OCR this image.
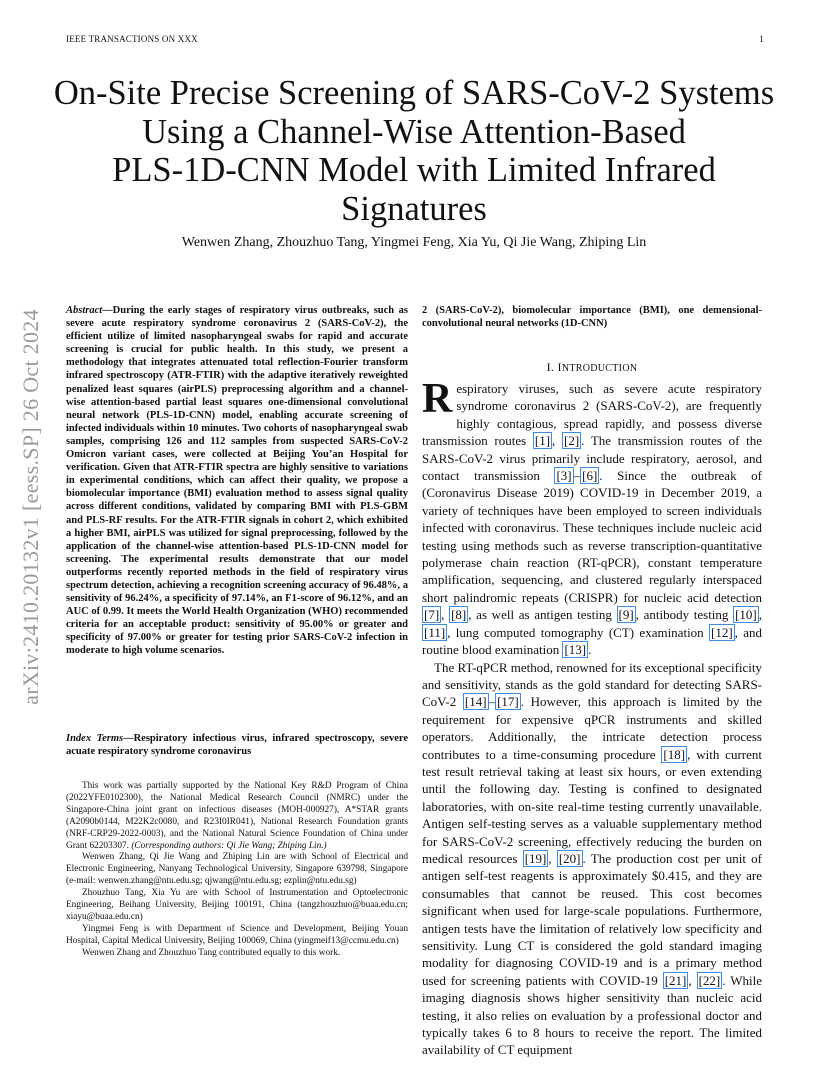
IEEE TRANSACTIONS ON XXX	1
arXiv:2410.20132v1 [eess.SP] 26 Oct 2024
On-Site Precise Screening of SARS-CoV-2 Systems
Using a Channel-Wise Attention-Based
PLS-1D-CNN Model with Limited Infrared
Signatures
Wenwen Zhang, Zhouzhuo Tang, Yingmei Feng, Xia Yu, Qi Jie Wang, Zhiping Lin
Abstract—During the early stages of respiratory virus outbreaks, such as severe acute respiratory syndrome coronavirus 2 (SARS-CoV-2), the efficient utilize of limited nasopharyngeal swabs for rapid and accurate screening is crucial for public health. In this study, we present a methodology that integrates attenuated total reflection-Fourier transform infrared spectroscopy (ATR-FTIR) with the adaptive iteratively reweighted penalized least squares (airPLS) preprocessing algorithm and a channel-wise attention-based partial least squares one-dimensional convolutional neural network (PLS-1D-CNN) model, enabling accurate screening of infected individuals within 10 minutes. Two cohorts of nasopharyngeal swab samples, comprising 126 and 112 samples from suspected SARS-CoV-2 Omicron variant cases, were collected at Beijing You’an Hospital for verification. Given that ATR-FTIR spectra are highly sensitive to variations in experimental conditions, which can affect their quality, we propose a biomolecular importance (BMI) evaluation method to assess signal quality across different conditions, validated by comparing BMI with PLS-GBM and PLS-RF results. For the ATR-FTIR signals in cohort 2, which exhibited a higher BMI, airPLS was utilized for signal preprocessing, followed by the application of the channel-wise attention-based PLS-1D-CNN model for screening. The experimental results demonstrate that our model outperforms recently reported methods in the field of respiratory virus spectrum detection, achieving a recognition screening accuracy of 96.48%, a sensitivity of 96.24%, a specificity of 97.14%, an F1-score of 96.12%, and an AUC of 0.99. It meets the World Health Organization (WHO) recommended criteria for an acceptable product: sensitivity of 95.00% or greater and specificity of 97.00% or greater for testing prior SARS-CoV-2 infection in moderate to high volume scenarios.
Index Terms—Respiratory infectious virus, infrared spectroscopy, severe acuate respiratory syndrome coronavirus

This work was partially supported by the National Key R&D Program of China (2022YFE0102300), the National Medical Research Council (NMRC) under the Singapore-China joint grant on infectious diseases (MOH-000927), A*STAR grants (A2090b0144, M22K2c0080, and R23I0IR041), National Research Foundation grants (NRF-CRP29-2022-0003), and the National Natural Science Foundation of China under Grant 62203307. (Corresponding authors: Qi Jie Wang; Zhiping Lin.)

Wenwen Zhang, Qi Jie Wang and Zhiping Lin are with School of Electrical and Electronic Engineering, Nanyang Technological University, Singapore 639798, Singapore (e-mail: wenwen.zhang@ntu.edu.sg; qjwang@ntu.edu.sg; ezplin@ntu.edu.sg)

Zhouzhuo Tang, Xia Yu are with School of Instrumentation and Optoelectronic Engineering, Beihang University, Beijing 100191, China (tangzhouzhuo@buaa.edu.cn; xiayu@buaa.edu.cn)

Yingmei Feng is with Department of Science and Development, Beijing Youan Hospital, Capital Medical University, Beijing 100069, China (yingmeif13@ccmu.edu.cn)

Wenwen Zhang and Zhouzhuo Tang contributed equally to this work.

2 (SARS-CoV-2), biomolecular importance (BMI), one demensional-convolutional neural networks (1D-CNN)
I. INTRODUCTION

Respiratory viruses, such as severe acute respiratory syndrome coronavirus 2 (SARS-CoV-2), are frequently highly contagious, spread rapidly, and possess diverse transmission routes [1] , [2] . The transmission routes of the SARS-CoV-2 virus primarily include respiratory, aerosol, and contact transmission [3] – [6] . Since the outbreak of (Coronavirus Disease 2019) COVID-19 in December 2019, a variety of techniques have been employed to screen individuals infected with coronavirus. These techniques include nucleic acid testing using methods such as reverse transcription-quantitative polymerase chain reaction (RT-qPCR), constant temperature amplification, sequencing, and clustered regularly interspaced short palindromic repeats (CRISPR) for nucleic acid detection [7] , [8] , as well as antigen testing [9] , antibody testing [10] , [11] , lung computed tomography (CT) examination [12] , and routine blood examination [13] .

The RT-qPCR method, renowned for its exceptional specificity and sensitivity, stands as the gold standard for detecting SARS-CoV-2 [14] – [17] . However, this approach is limited by the requirement for expensive qPCR instruments and skilled operators. Additionally, the intricate detection process contributes to a time-consuming procedure [18] , with current test result retrieval taking at least six hours, or even extending until the following day. Testing is confined to designated laboratories, with on-site real-time testing currently unavailable. Antigen self-testing serves as a valuable supplementary method for SARS-CoV-2 screening, effectively reducing the burden on medical resources [19] , [20] . The production cost per unit of antigen self-test reagents is approximately $0.415, and they are consumables that cannot be reused. This cost becomes significant when used for large-scale populations. Furthermore, antigen tests have the limitation of relatively low specificity and sensitivity. Lung CT is considered the gold standard imaging modality for diagnosing COVID-19 and is a primary method used for screening patients with COVID-19 [21] , [22] . While imaging diagnosis shows higher sensitivity than nucleic acid testing, it also relies on evaluation by a professional doctor and typically takes 6 to 8 hours to receive the report. The limited availability of CT equipment
